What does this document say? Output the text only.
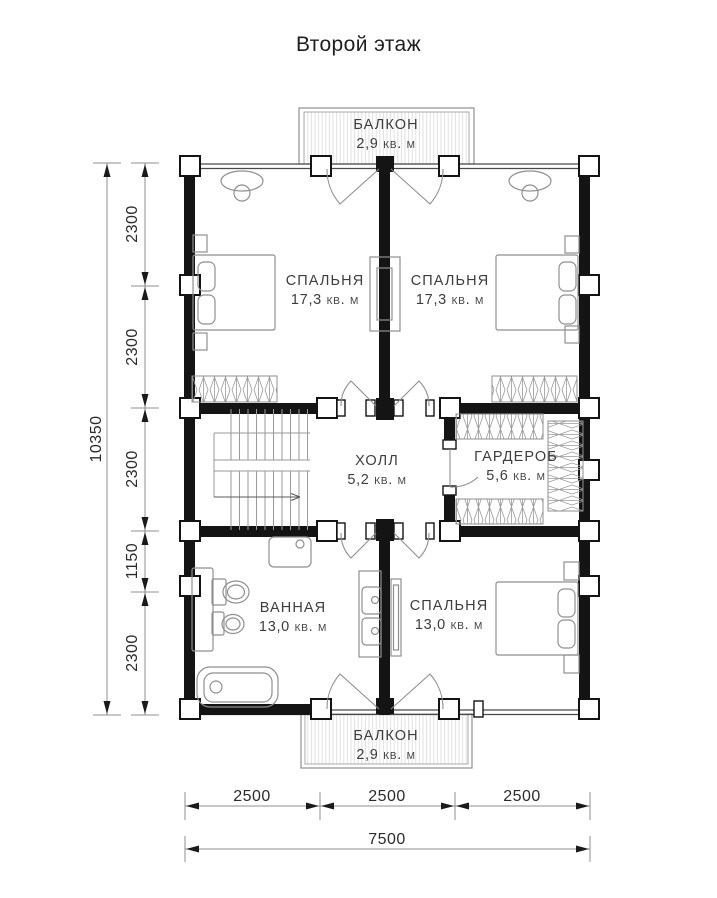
Второй этаж
БАЛКОН
2,9 кв. м
СПАЛЬНЯ
17,3 кв. м
СПАЛЬНЯ
17,3 кв. м
ХОЛЛ
5,2 кв. м
ГАРДЕРОБ
5,6 кв. м
ВАННАЯ
13,0 кв. м
СПАЛЬНЯ
13,0 кв. м
БАЛКОН
2,9 кв. м
10350
2300
2300
2300
1150
2300
2500	2500	2500
7500
